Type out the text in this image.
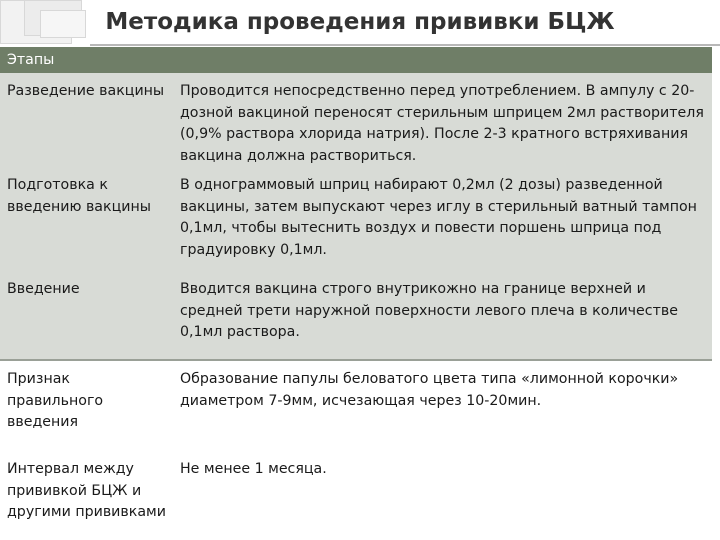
Методика проведения прививки БЦЖ
Этапы
Разведение вакцины	Проводится непосредственно перед употреблением. В ампулу с 20-дозной вакциной переносят стерильным шприцем 2мл растворителя (0,9% раствора хлорида натрия). После 2-3 кратного встряхивания вакцина должна раствориться.
Подготовка к введению вакцины
В однограммовый шприц набирают 0,2мл (2 дозы) разведенной вакцины, затем выпускают через иглу в стерильный ватный тампон 0,1мл, чтобы вытеснить воздух и повести поршень шприца под градуировку 0,1мл.
Введение	Вводится вакцина строго внутрикожно на границе верхней и средней трети наружной поверхности левого плеча в количестве 0,1мл раствора.
Признак правильного введения
Образование папулы беловатого цвета типа «лимонной корочки» диаметром 7-9мм, исчезающая через 10-20мин.
Интервал между прививкой БЦЖ и другими прививками
Не менее 1 месяца.
